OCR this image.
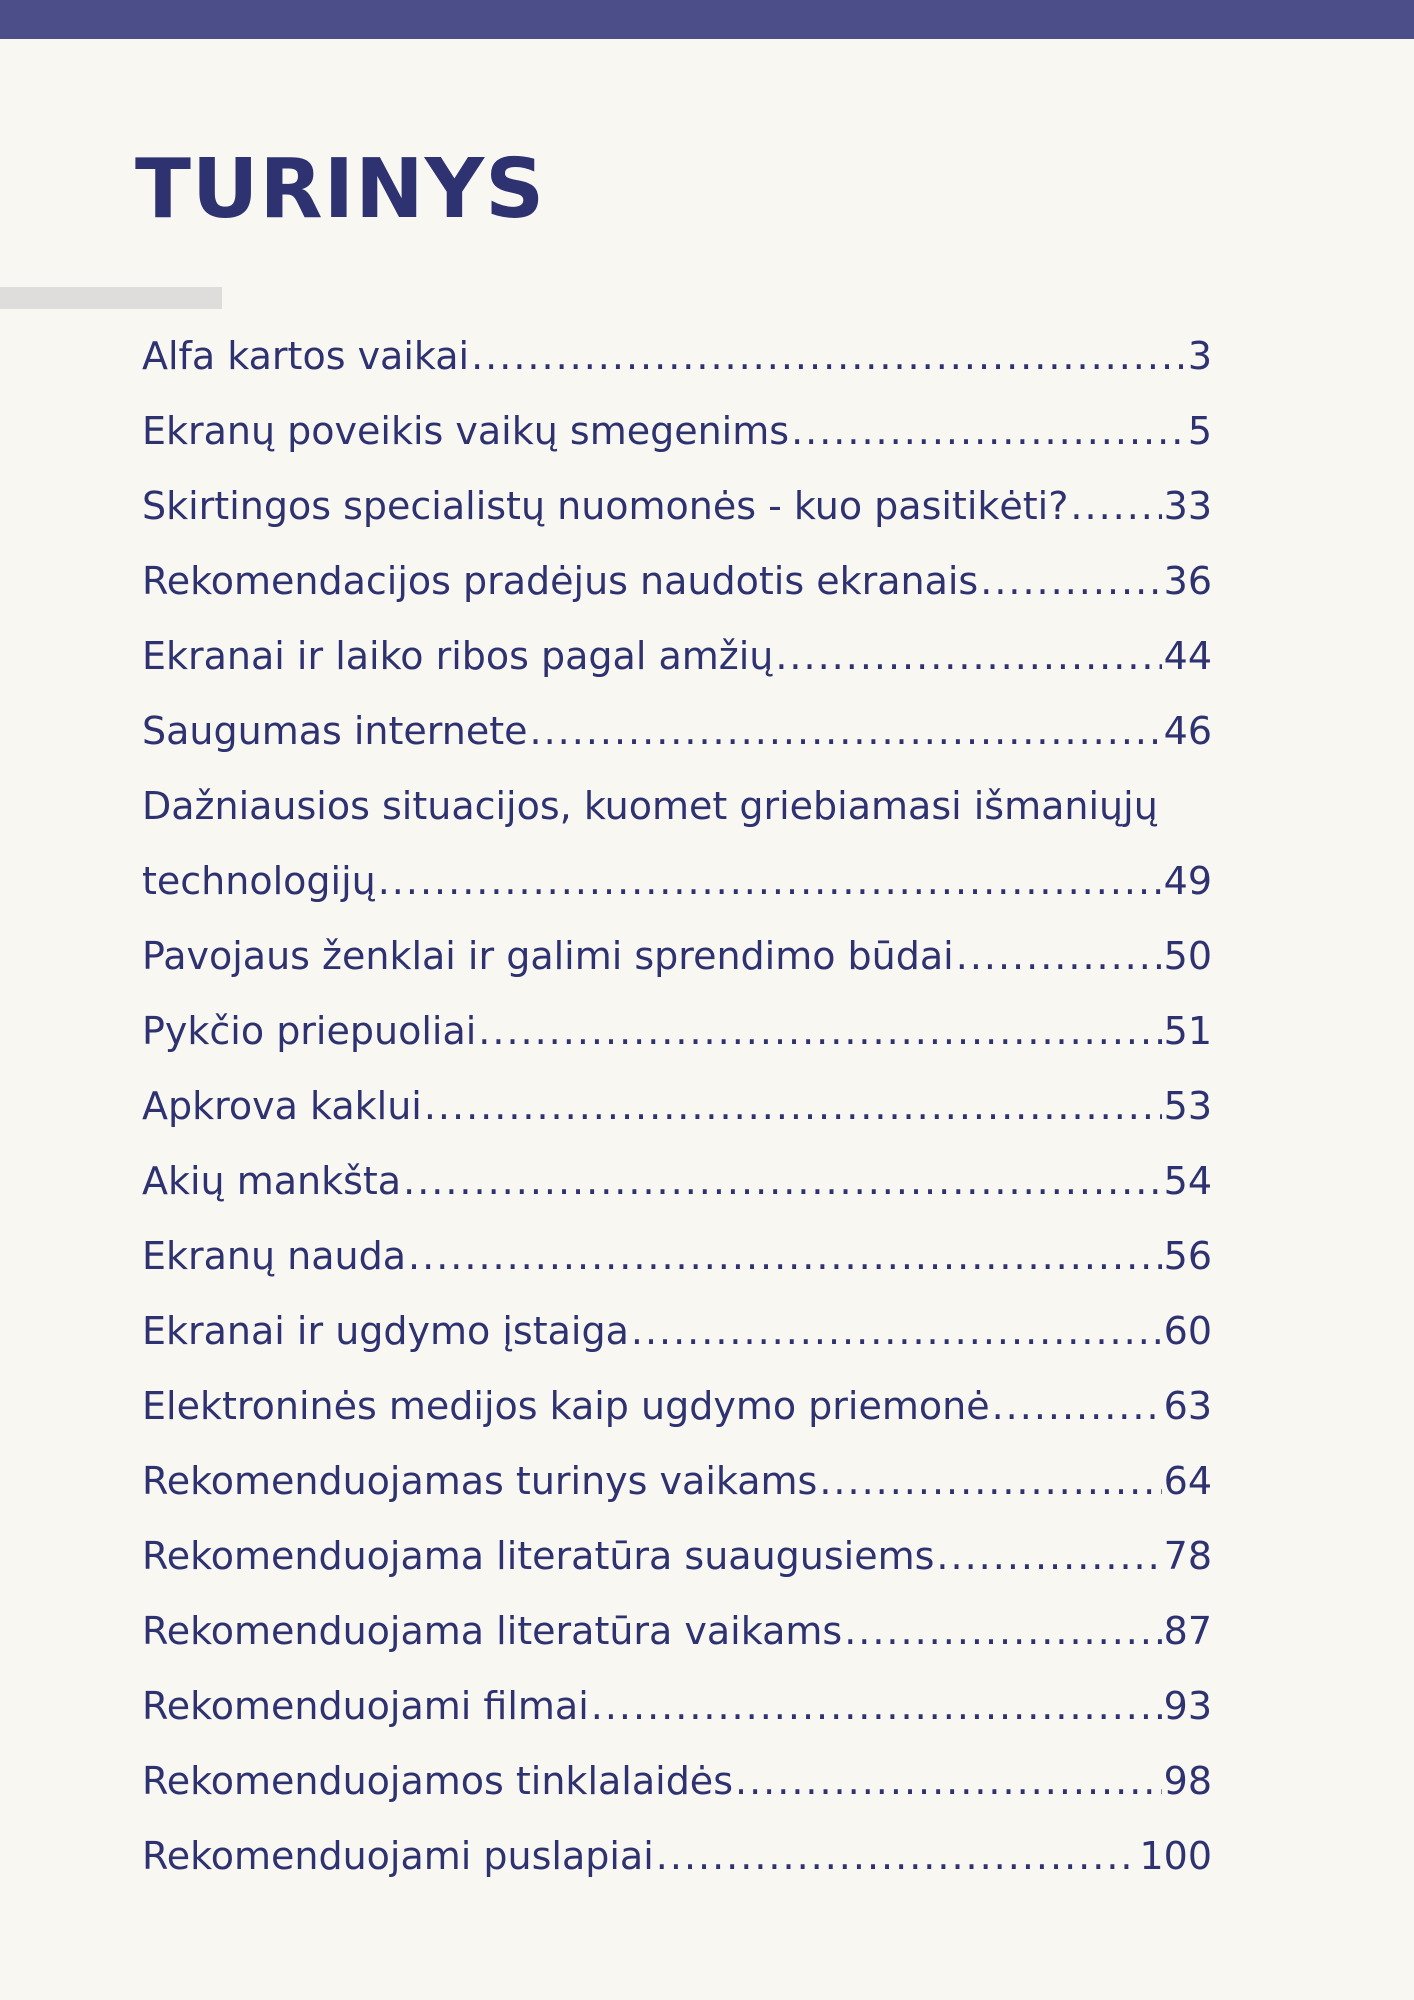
TURINYS
Alfa kartos vaikai .....	3
Ekranų poveikis vaikų smegenims .....	5
Skirtingos specialistų nuomonės - kuo pasitikėti? .....	33
Rekomendacijos pradėjus naudotis ekranais .....	36
Ekranai ir laiko ribos pagal amžių .....	44
Saugumas internete .....	46
Dažniausios situacijos, kuomet griebiamasi išmaniųjų
technologijų .....	49
Pavojaus ženklai ir galimi sprendimo būdai .....	50
Pykčio priepuoliai .....	51
Apkrova kaklui .....	53
Akių mankšta .....	54
Ekranų nauda .....	56
Ekranai ir ugdymo įstaiga .....	60
Elektroninės medijos kaip ugdymo priemonė .....	63
Rekomenduojamas turinys vaikams .....	64
Rekomenduojama literatūra suaugusiems .....	78
Rekomenduojama literatūra vaikams .....	87
Rekomenduojami filmai .....	93
Rekomenduojamos tinklalaidės .....	98
Rekomenduojami puslapiai .....	100
